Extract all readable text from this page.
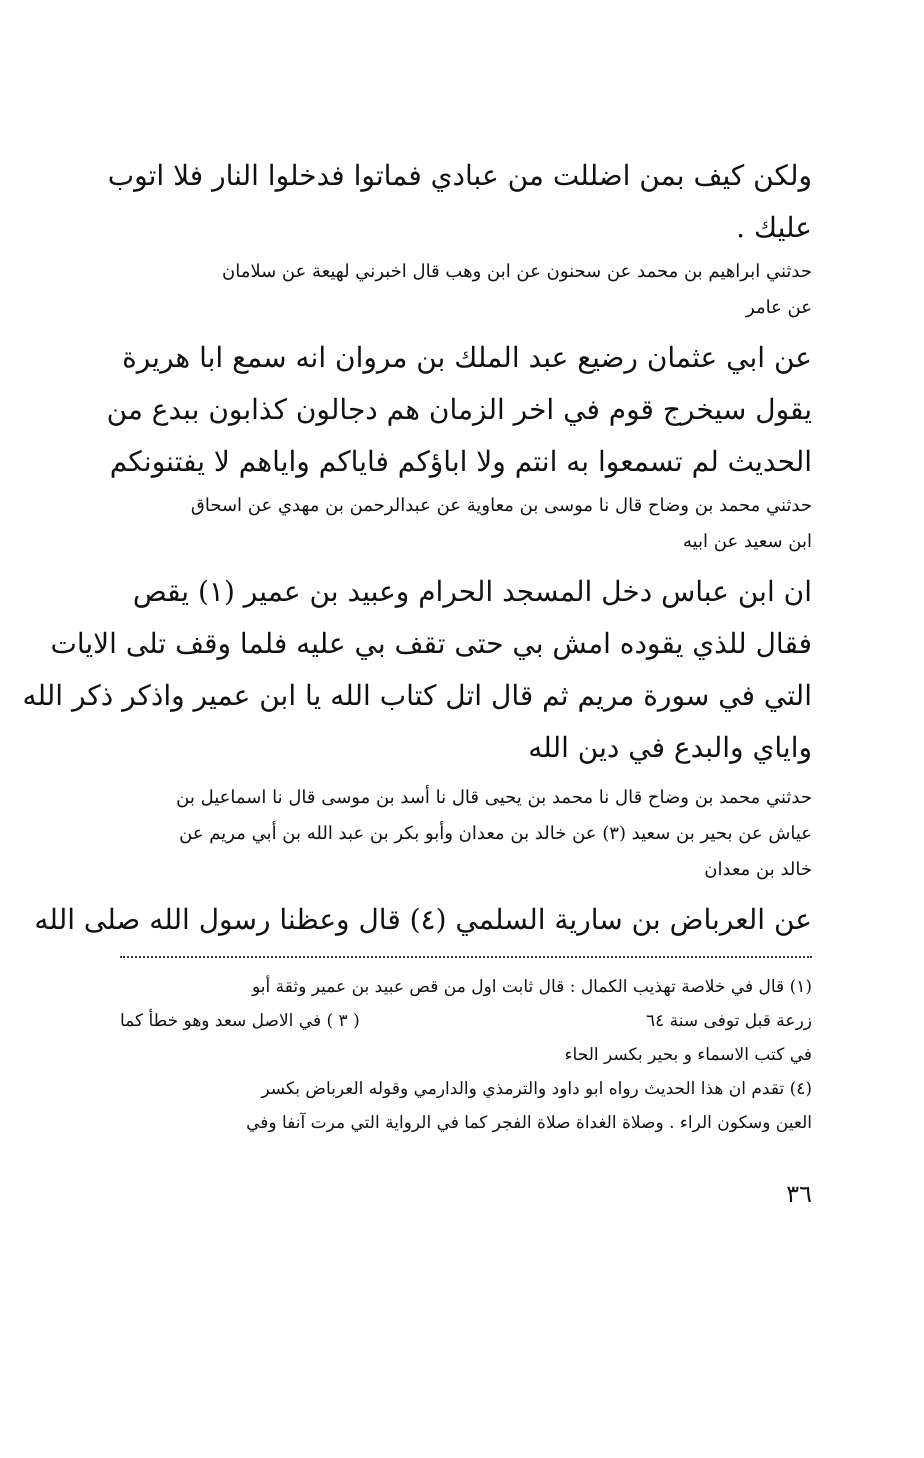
ولكن كيف بمن اضللت من عبادي فماتوا فدخلوا النار فلا اتوب
عليك .
حدثني ابراهيم بن محمد عن سحنون عن ابن وهب قال اخبرني لهيعة عن سلامان
عن عامر
عن ابي عثمان رضيع عبد الملك بن مروان انه سمع ابا هريرة
يقول سيخرج قوم في اخر الزمان هم دجالون كذابون ببدع من
الحديث لم تسمعوا به انتم ولا اباؤكم فاياكم واياهم لا يفتنونكم
حدثني محمد بن وضاح قال نا موسى بن معاوية عن عبدالرحمن بن مهدي عن اسحاق
ابن سعيد عن ابيه
ان ابن عباس دخل المسجد الحرام وعبيد بن عمير (١) يقص
فقال للذي يقوده امش بي حتى تقف بي عليه فلما وقف تلى الايات
التي في سورة مريم ثم قال اتل كتاب الله يا ابن عمير واذكر ذكر الله
واياي والبدع في دين الله
حدثني محمد بن وضاح قال نا محمد بن يحيى قال نا أسد بن موسى قال نا اسماعيل بن
عياش عن بحير بن سعيد (٣) عن خالد بن معدان وأبو بكر بن عبد الله بن أبي مريم عن
خالد بن معدان
عن العرباض بن سارية السلمي (٤) قال وعظنا رسول الله صلى الله
(١) قال في خلاصة تهذيب الكمال : قال ثابت اول من قص عبيد بن عمير وثقة أبو
زرعة قبل توفى سنة ٦٤
( ٣ ) في الاصل سعد وهو خطأ كما
في كتب الاسماء و بحير بكسر الحاء
(٤) تقدم ان هذا الحديث رواه ابو داود والترمذي والدارمي وقوله العرباض بكسر
العين وسكون الراء . وصلاة الغداة صلاة الفجر كما في الرواية التي مرت آنفا وفي
٣٦
